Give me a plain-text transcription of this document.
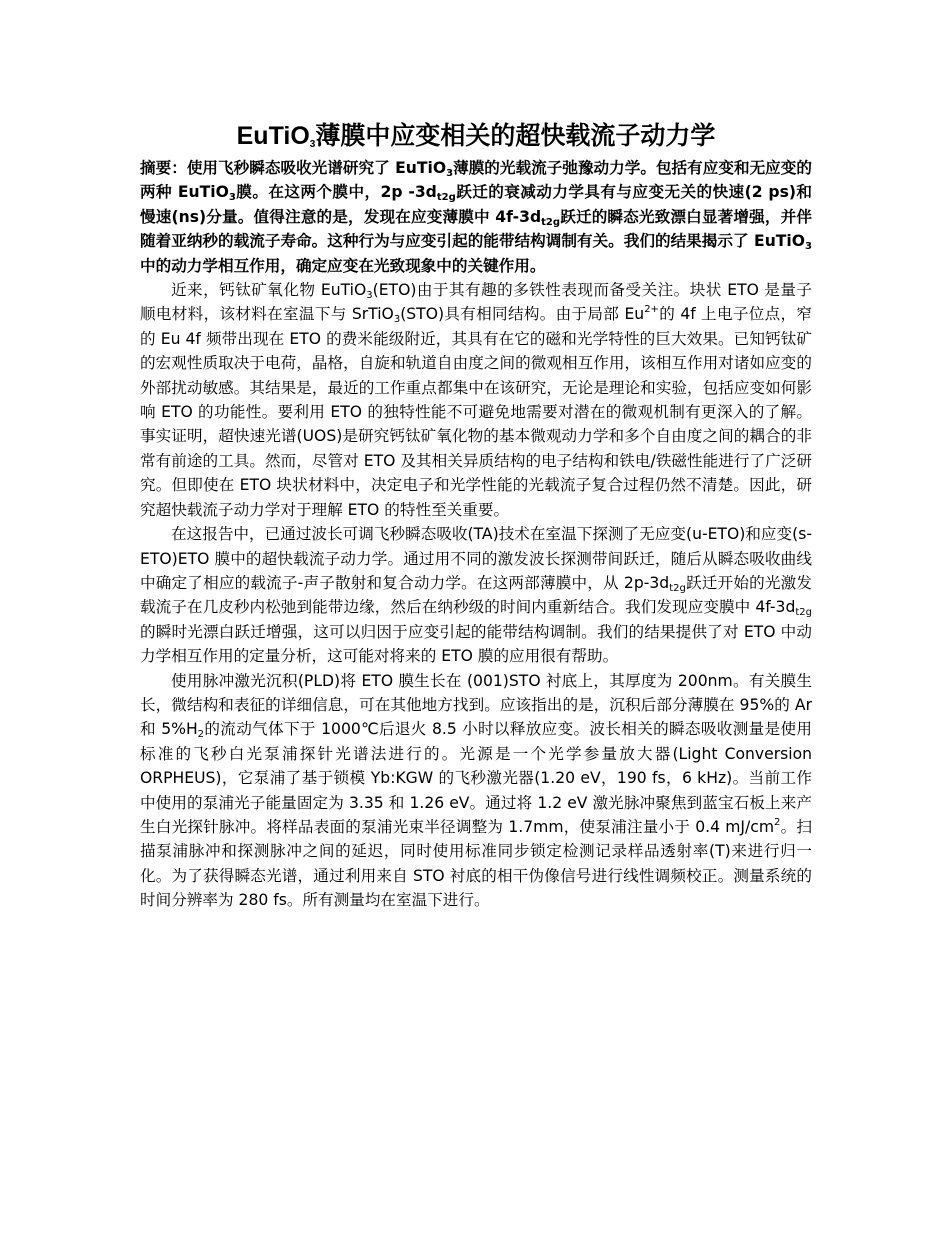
EuTiO$_3$薄膜中应变相关的超快载流子动力学

摘要：使用飞秒瞬态吸收光谱研究了 EuTiO$_3$薄膜的光载流子弛豫动力学。包括有应变和无应变的两种 EuTiO$_3$膜。在这两个膜中，2p $-3d_{t2g}$跃迁的衰减动力学具有与应变无关的快速(2 ps)和慢速(ns)分量。值得注意的是，发现在应变薄膜中 $4f-3d_{t2g}$跃迁的瞬态光致漂白显著增强，并伴随着亚纳秒的载流子寿命。这种行为与应变引起的能带结构调制有关。我们的结果揭示了 EuTiO$_3$中的动力学相互作用，确定应变在光致现象中的关键作用。

近来，钙钛矿氧化物 EuTiO$_3$(ETO)由于其有趣的多铁性表现而备受关注。块状 ETO 是量子顺电材料，该材料在室温下与 SrTiO$_3$(STO)具有相同结构。由于局部 $Eu^{2+}$的 4f 上电子位点，窄的 Eu 4f 频带出现在 ETO 的费米能级附近，其具有在它的磁和光学特性的巨大效果。已知钙钛矿的宏观性质取决于电荷，晶格，自旋和轨道自由度之间的微观相互作用，该相互作用对诸如应变的外部扰动敏感。其结果是，最近的工作重点都集中在该研究，无论是理论和实验，包括应变如何影响 ETO 的功能性。要利用 ETO 的独特性能不可避免地需要对潜在的微观机制有更深入的了解。事实证明，超快速光谱(UOS)是研究钙钛矿氧化物的基本微观动力学和多个自由度之间的耦合的非常有前途的工具。然而，尽管对 ETO 及其相关异质结构的电子结构和铁电/铁磁性能进行了广泛研究。但即使在 ETO 块状材料中，决定电子和光学性能的光载流子复合过程仍然不清楚。因此，研究超快载流子动力学对于理解 ETO 的特性至关重要。

在这报告中，已通过波长可调飞秒瞬态吸收(TA)技术在室温下探测了无应变(u-ETO)和应变(s-ETO)ETO 膜中的超快载流子动力学。通过用不同的激发波长探测带间跃迁，随后从瞬态吸收曲线中确定了相应的载流子-声子散射和复合动力学。在这两部薄膜中，从 $2p-3d_{t2g}$跃迁开始的光激发载流子在几皮秒内松弛到能带边缘，然后在纳秒级的时间内重新结合。我们发现应变膜中 $4f-3d_{t2g}$的瞬时光漂白跃迁增强，这可以归因于应变引起的能带结构调制。我们的结果提供了对 ETO 中动力学相互作用的定量分析，这可能对将来的 ETO 膜的应用很有帮助。

使用脉冲激光沉积(PLD)将 ETO 膜生长在 (001)STO 衬底上，其厚度为 200nm。有关膜生长，微结构和表征的详细信息，可在其他地方找到。应该指出的是，沉积后部分薄膜在 95%的 Ar 和 $5\%H_2$的流动气体下于 1000℃后退火 8.5 小时以释放应变。波长相关的瞬态吸收测量是使用标准的飞秒白光泵浦探针光谱法进行的。光源是一个光学参量放大器(Light Conversion ORPHEUS)，它泵浦了基于锁模 Yb:KGW 的飞秒激光器(1.20 eV，190 fs，6 kHz)。当前工作中使用的泵浦光子能量固定为 3.35 和 1.26 eV。通过将 1.2 eV 激光脉冲聚焦到蓝宝石板上来产生白光探针脉冲。将样品表面的泵浦光束半径调整为 1.7mm，使泵浦注量小于 0.4 $mJ/cm^2$。扫描泵浦脉冲和探测脉冲之间的延迟，同时使用标准同步锁定检测记录样品透射率(T)来进行归一化。为了获得瞬态光谱，通过利用来自 STO 衬底的相干伪像信号进行线性调频校正。测量系统的时间分辨率为 280 fs。所有测量均在室温下进行。
